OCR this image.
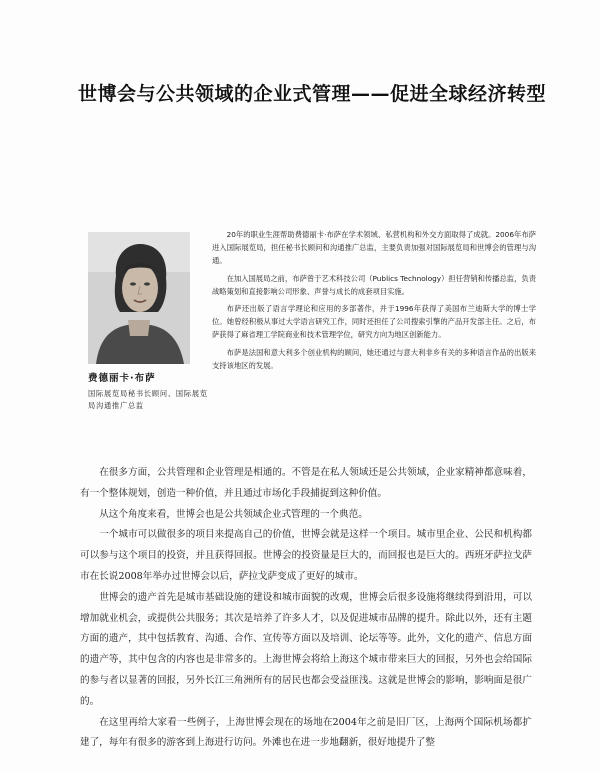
世博会与公共领域的企业式管理——促进全球经济转型

费德丽卡·布萨

国际展览局秘书长顾问、国际展览局沟通推广总监

20年的职业生涯帮助费德丽卡·布萨在学术领域、私营机构和外交方面取得了成就。2006年布萨进入国际展览局，担任秘书长顾问和沟通推广总监，主要负责加强对国际展览局和世博会的管理与沟通。

在加入国展局之前，布萨曾于艺术科技公司（Publics Technology）担任营销和传播总监，负责战略策划和直接影响公司形象、声誉与成长的成套项目实施。

布萨还出版了语言学理论和应用的多部著作，并于1996年获得了美国布兰迪斯大学的博士学位。她曾经积极从事过大学语言研究工作，同时还担任了公司搜索引擎的产品开发部主任。之后，布萨获得了麻省理工学院商业和技术管理学位，研究方向为地区创新能力。

布萨是法国和意大利多个创业机构的顾问，她还通过与意大利非乡有关的多种语言作品的出版来支持该地区的发展。

在很多方面，公共管理和企业管理是相通的。不管是在私人领域还是公共领域，企业家精神都意味着，有一个整体规划，创造一种价值，并且通过市场化手段捕捉到这种价值。

从这个角度来看，世博会也是公共领域企业式管理的一个典范。

一个城市可以做很多的项目来提高自己的价值，世博会就是这样一个项目。城市里企业、公民和机构都可以参与这个项目的投资，并且获得回报。世博会的投资量是巨大的，而回报也是巨大的。西班牙萨拉戈萨市在长说2008年举办过世博会以后，萨拉戈萨变成了更好的城市。

世博会的遗产首先是城市基础设施的建设和城市面貌的改观，世博会后很多设施将继续得到沿用，可以增加就业机会，或提供公共服务；其次是培养了许多人才，以及促进城市品牌的提升。除此以外，还有主题方面的遗产，其中包括教育、沟通、合作、宣传等方面以及培训、论坛等等。此外，文化的遗产、信息方面的遗产等，其中包含的内容也是非常多的。上海世博会将给上海这个城市带来巨大的回报，另外也会给国际的参与者以显著的回报，另外长江三角洲所有的居民也都会受益匪浅。这就是世博会的影响，影响面是很广的。

在这里再给大家看一些例子，上海世博会现在的场地在2004年之前是旧厂区，上海两个国际机场都扩建了，每年有很多的游客到上海进行访问。外滩也在进一步地翻新，很好地提升了整
